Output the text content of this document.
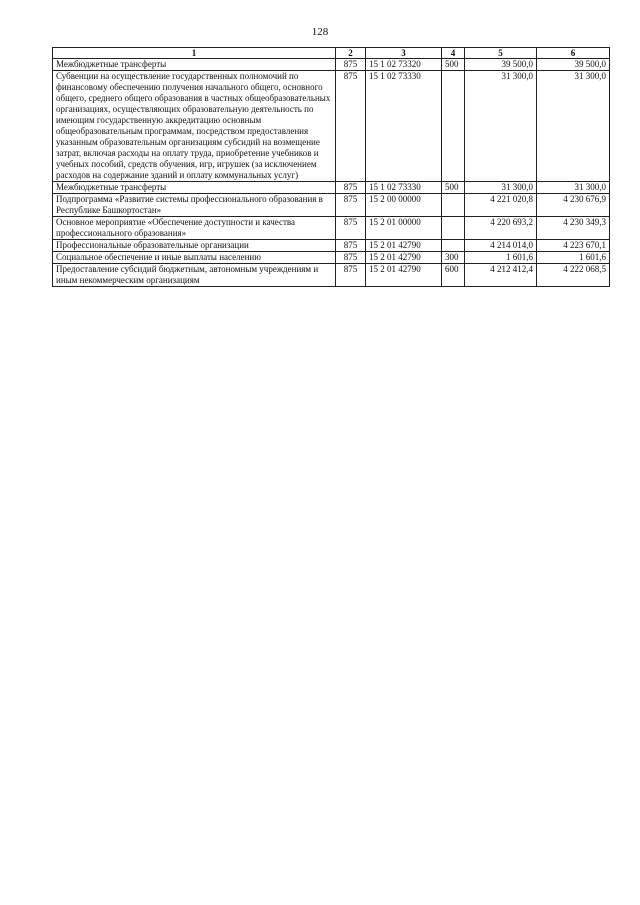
128
1	2	3	4	5	6
Межбюджетные трансферты	875	15 1 02 73320	500	39 500,0	39 500,0
Субвенции на осуществление государственных полномочий по финансовому обеспечению получения начального общего, основного общего, среднего общего образования в частных общеобразовательных организациях, осуществляющих образовательную деятельность по имеющим государственную аккредитацию основным общеобразовательным программам, посредством предоставления указанным образовательным организациям субсидий на возмещение затрат, включая расходы на оплату труда, приобретение учебников и учебных пособий, средств обучения, игр, игрушек (за исключением расходов на содержание зданий и оплату коммунальных услуг)	875	15 1 02 73330		31 300,0	31 300,0
Межбюджетные трансферты	875	15 1 02 73330	500	31 300,0	31 300,0
Подпрограмма «Развитие системы профессионального образования в Республике Башкортостан»	875	15 2 00 00000		4 221 020,8	4 230 676,9
Основное мероприятие «Обеспечение доступности и качества профессионального образования»	875	15 2 01 00000		4 220 693,2	4 230 349,3
Профессиональные образовательные организации	875	15 2 01 42790		4 214 014,0	4 223 670,1
Социальное обеспечение и иные выплаты населению	875	15 2 01 42790	300	1 601,6	1 601,6
Предоставление субсидий бюджетным, автономным учреждениям и иным некоммерческим организациям	875	15 2 01 42790	600	4 212 412,4	4 222 068,5
